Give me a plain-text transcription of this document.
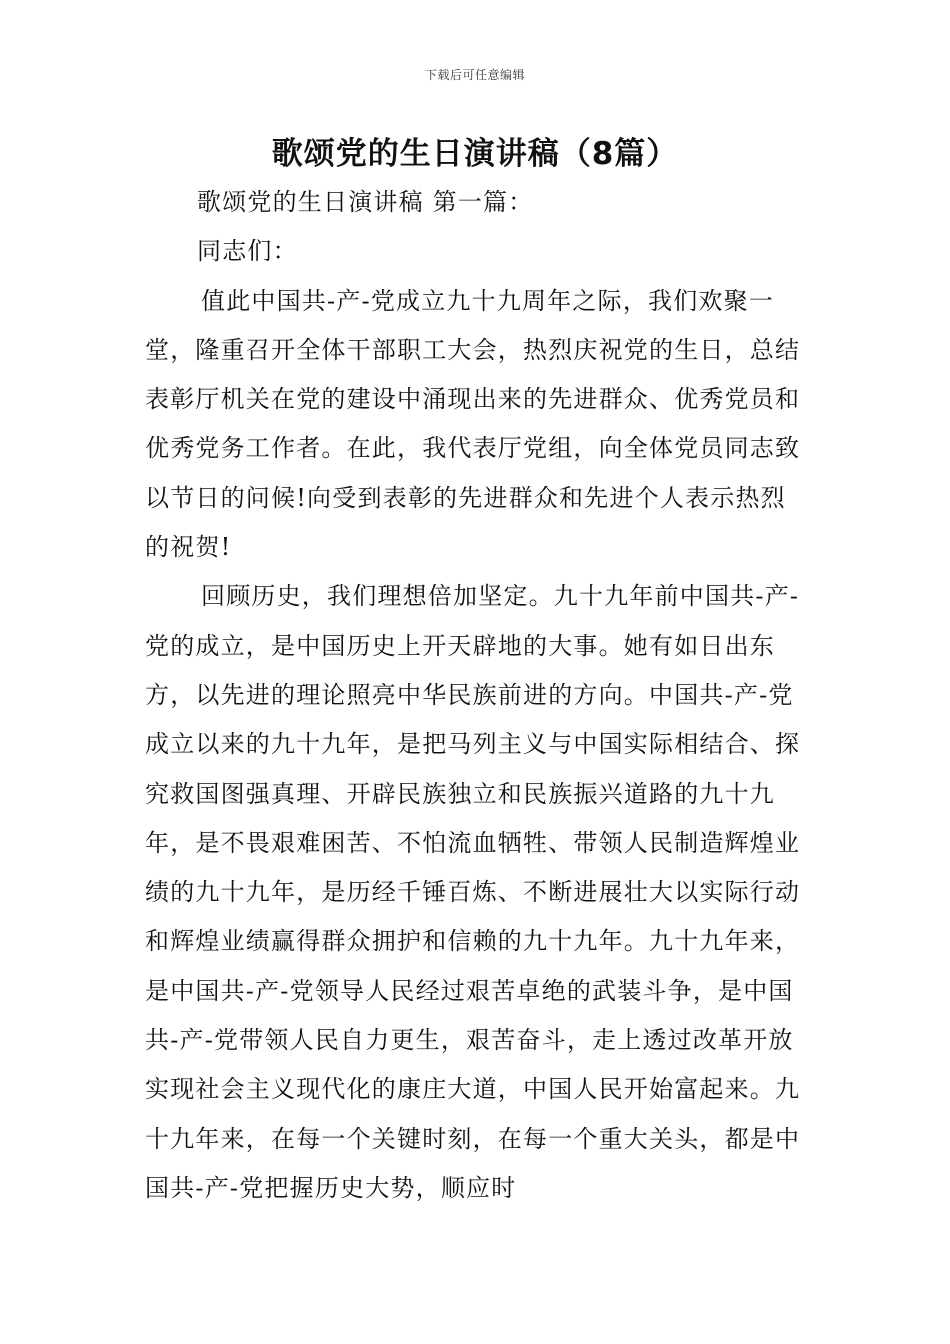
下载后可任意编辑
歌颂党的生日演讲稿（8篇）

歌颂党的生日演讲稿 第一篇：

同志们：

值此中国共-产-党成立九十九周年之际，我们欢聚一堂，隆重召开全体干部职工大会，热烈庆祝党的生日，总结表彰厅机关在党的建设中涌现出来的先进群众、优秀党员和优秀党务工作者。在此，我代表厅党组，向全体党员同志致以节日的问候!向受到表彰的先进群众和先进个人表示热烈的祝贺!

回顾历史，我们理想倍加坚定。九十九年前中国共-产-党的成立，是中国历史上开天辟地的大事。她有如日出东方，以先进的理论照亮中华民族前进的方向。中国共-产-党成立以来的九十九年，是把马列主义与中国实际相结合、探究救国图强真理、开辟民族独立和民族振兴道路的九十九年，是不畏艰难困苦、不怕流血牺牲、带领人民制造辉煌业绩的九十九年，是历经千锤百炼、不断进展壮大以实际行动和辉煌业绩赢得群众拥护和信赖的九十九年。九十九年来，是中国共-产-党领导人民经过艰苦卓绝的武装斗争，是中国共-产-党带领人民自力更生，艰苦奋斗，走上透过改革开放实现社会主义现代化的康庄大道，中国人民开始富起来。九十九年来，在每一个关键时刻，在每一个重大关头，都是中国共-产-党把握历史大势，顺应时
